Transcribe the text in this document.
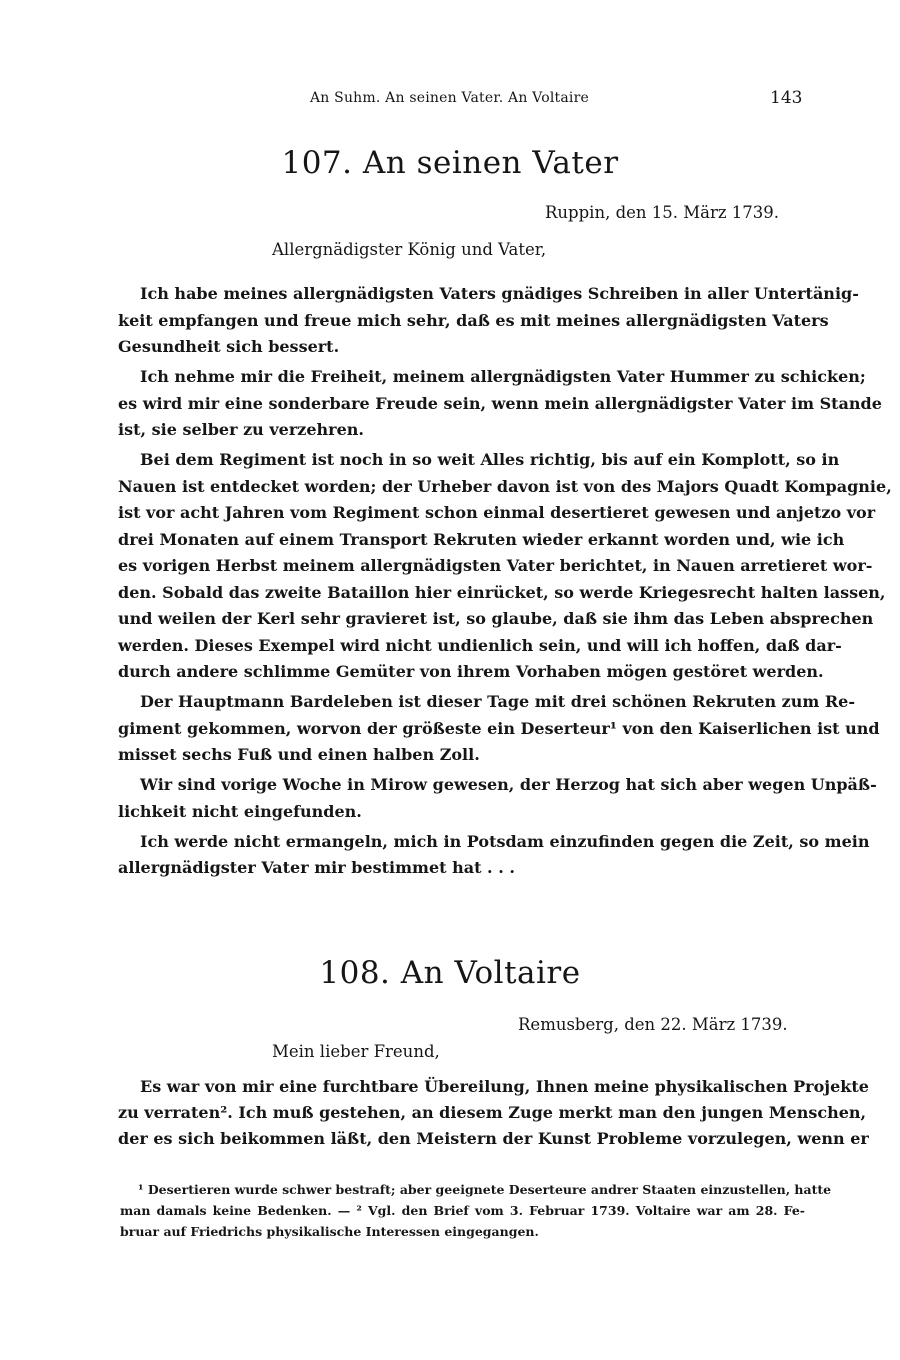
An Suhm. An seinen Vater. An Voltaire	143
107. An seinen Vater
Ruppin, den 15. März 1739.
Allergnädigster König und Vater,
Ich habe meines allergnädigsten Vaters gnädiges Schreiben in aller Untertänig-
keit empfangen und freue mich sehr, daß es mit meines allergnädigsten Vaters
Gesundheit sich bessert.
Ich nehme mir die Freiheit, meinem allergnädigsten Vater Hummer zu schicken;
es wird mir eine sonderbare Freude sein, wenn mein allergnädigster Vater im Stande
ist, sie selber zu verzehren.
Bei dem Regiment ist noch in so weit Alles richtig, bis auf ein Komplott, so in
Nauen ist entdecket worden; der Urheber davon ist von des Majors Quadt Kompagnie,
ist vor acht Jahren vom Regiment schon einmal desertieret gewesen und anjetzo vor
drei Monaten auf einem Transport Rekruten wieder erkannt worden und, wie ich
es vorigen Herbst meinem allergnädigsten Vater berichtet, in Nauen arretieret wor-
den. Sobald das zweite Bataillon hier einrücket, so werde Kriegesrecht halten lassen,
und weilen der Kerl sehr gravieret ist, so glaube, daß sie ihm das Leben absprechen
werden. Dieses Exempel wird nicht undienlich sein, und will ich hoffen, daß dar-
durch andere schlimme Gemüter von ihrem Vorhaben mögen gestöret werden.
Der Hauptmann Bardeleben ist dieser Tage mit drei schönen Rekruten zum Re-
giment gekommen, worvon der größeste ein Deserteur¹ von den Kaiserlichen ist und
misset sechs Fuß und einen halben Zoll.
Wir sind vorige Woche in Mirow gewesen, der Herzog hat sich aber wegen Unpäß-
lichkeit nicht eingefunden.
Ich werde nicht ermangeln, mich in Potsdam einzufinden gegen die Zeit, so mein
allergnädigster Vater mir bestimmet hat . . .
108. An Voltaire
Remusberg, den 22. März 1739.
Mein lieber Freund,
Es war von mir eine furchtbare Übereilung, Ihnen meine physikalischen Projekte
zu verraten². Ich muß gestehen, an diesem Zuge merkt man den jungen Menschen,
der es sich beikommen läßt, den Meistern der Kunst Probleme vorzulegen, wenn er
¹ Desertieren wurde schwer bestraft; aber geeignete Deserteure andrer Staaten einzustellen, hatte
man damals keine Bedenken. — ² Vgl. den Brief vom 3. Februar 1739. Voltaire war am 28. Fe-
bruar auf Friedrichs physikalische Interessen eingegangen.
